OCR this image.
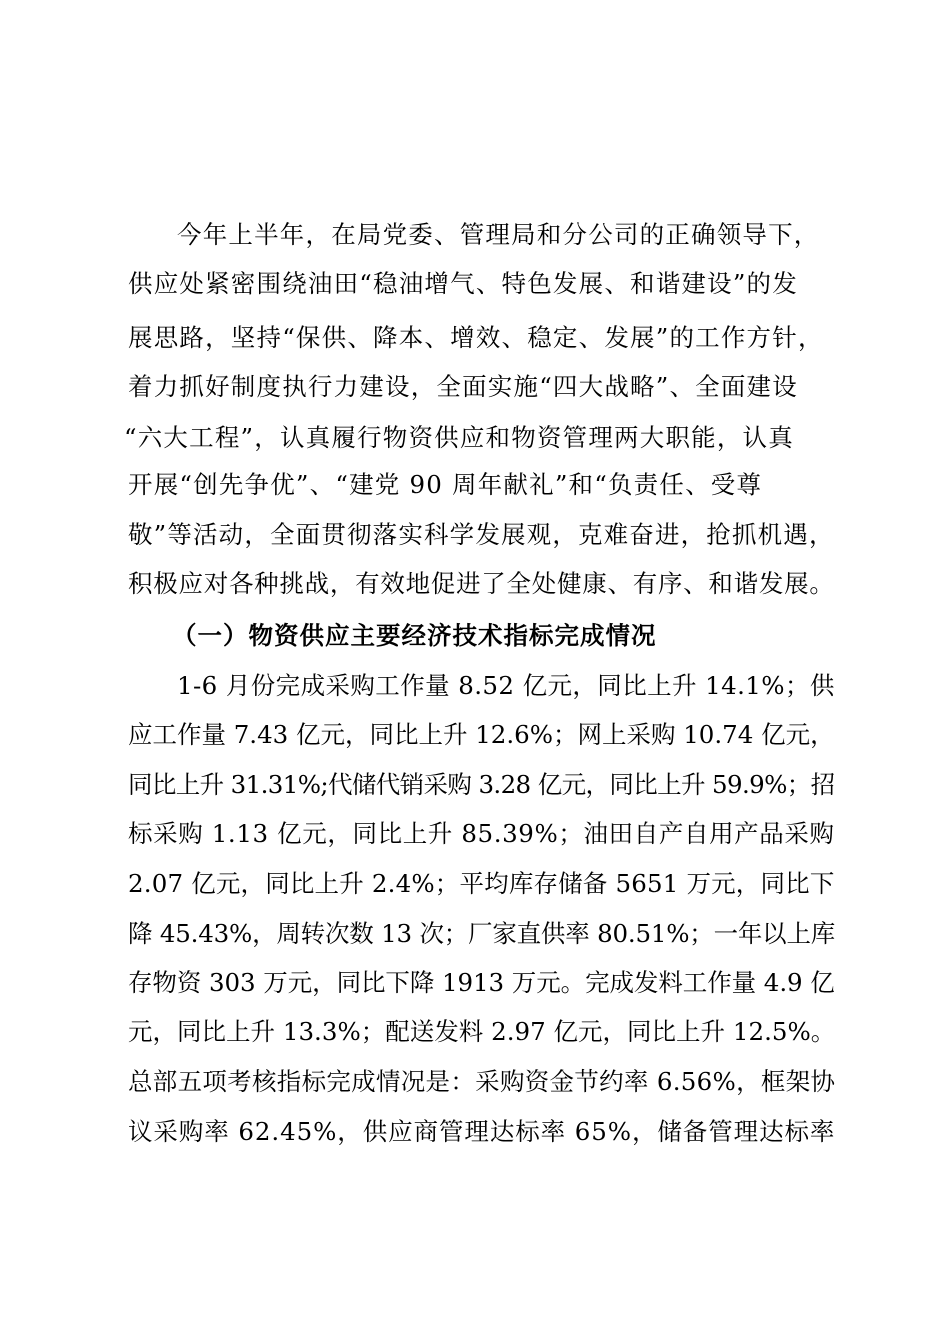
今年上半年，在局党委、管理局和分公司的正确领导下，
供应处紧密围绕油田“稳油增气、特色发展、和谐建设”的发
展思路，坚持“保供、降本、增效、稳定、发展”的工作方针，
着力抓好制度执行力建设，全面实施“四大战略”、全面建设
“六大工程”，认真履行物资供应和物资管理两大职能，认真
开展“创先争优”、“建党 90 周年献礼”和“负责任、受尊
敬”等活动，全面贯彻落实科学发展观，克难奋进，抢抓机遇，
积极应对各种挑战，有效地促进了全处健康、有序、和谐发展。
（一）物资供应主要经济技术指标完成情况
1-6 月份完成采购工作量 8.52 亿元，同比上升 14.1%；供
应工作量 7.43 亿元，同比上升 12.6%；网上采购 10.74 亿元，
同比上升 31.31%;代储代销采购 3.28 亿元，同比上升 59.9%；招
标采购 1.13 亿元，同比上升 85.39%；油田自产自用产品采购
2.07 亿元，同比上升 2.4%；平均库存储备 5651 万元，同比下
降 45.43%，周转次数 13 次；厂家直供率 80.51%；一年以上库
存物资 303 万元，同比下降 1913 万元。完成发料工作量 4.9 亿
元，同比上升 13.3%；配送发料 2.97 亿元，同比上升 12.5%。
总部五项考核指标完成情况是：采购资金节约率 6.56%，框架协
议采购率 62.45%，供应商管理达标率 65%，储备管理达标率
